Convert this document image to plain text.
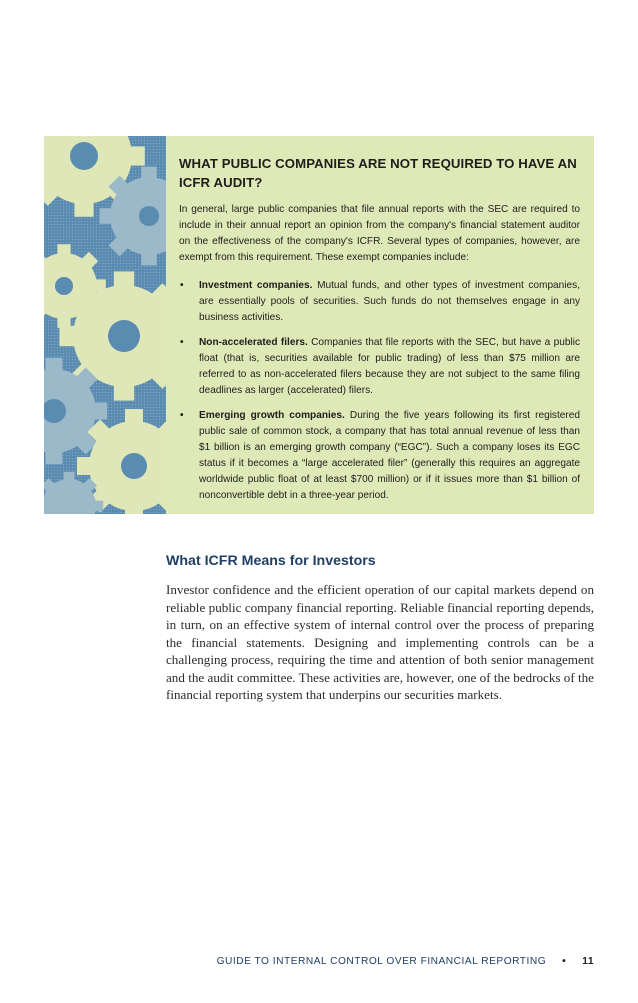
WHAT PUBLIC COMPANIES ARE NOT REQUIRED TO HAVE AN ICFR AUDIT?

In general, large public companies that file annual reports with the SEC are required to include in their annual report an opinion from the company's financial statement auditor on the effectiveness of the company's ICFR. Several types of companies, however, are exempt from this requirement. These exempt companies include:

• Investment companies. Mutual funds, and other types of investment companies, are essentially pools of securities. Such funds do not themselves engage in any business activities.
• Non-accelerated filers. Companies that file reports with the SEC, but have a public float (that is, securities available for public trading) of less than $75 million are referred to as non-accelerated filers because they are not subject to the same filing deadlines as larger (accelerated) filers.
• Emerging growth companies. During the five years following its first registered public sale of common stock, a company that has total annual revenue of less than $1 billion is an emerging growth company (“EGC”). Such a company loses its EGC status if it becomes a “large accelerated filer” (generally this requires an aggregate worldwide public float of at least $700 million) or if it issues more than $1 billion of nonconvertible debt in a three-year period.
What ICFR Means for Investors

Investor confidence and the efficient operation of our capital markets depend on reliable public company financial reporting. Reliable financial reporting depends, in turn, on an effective system of internal control over the process of preparing the financial statements. Designing and implementing controls can be a challenging process, requiring the time and attention of both senior management and the audit committee. These activities are, however, one of the bedrocks of the financial reporting system that underpins our securities markets.

GUIDE TO INTERNAL CONTROL OVER FINANCIAL REPORTING • 11
